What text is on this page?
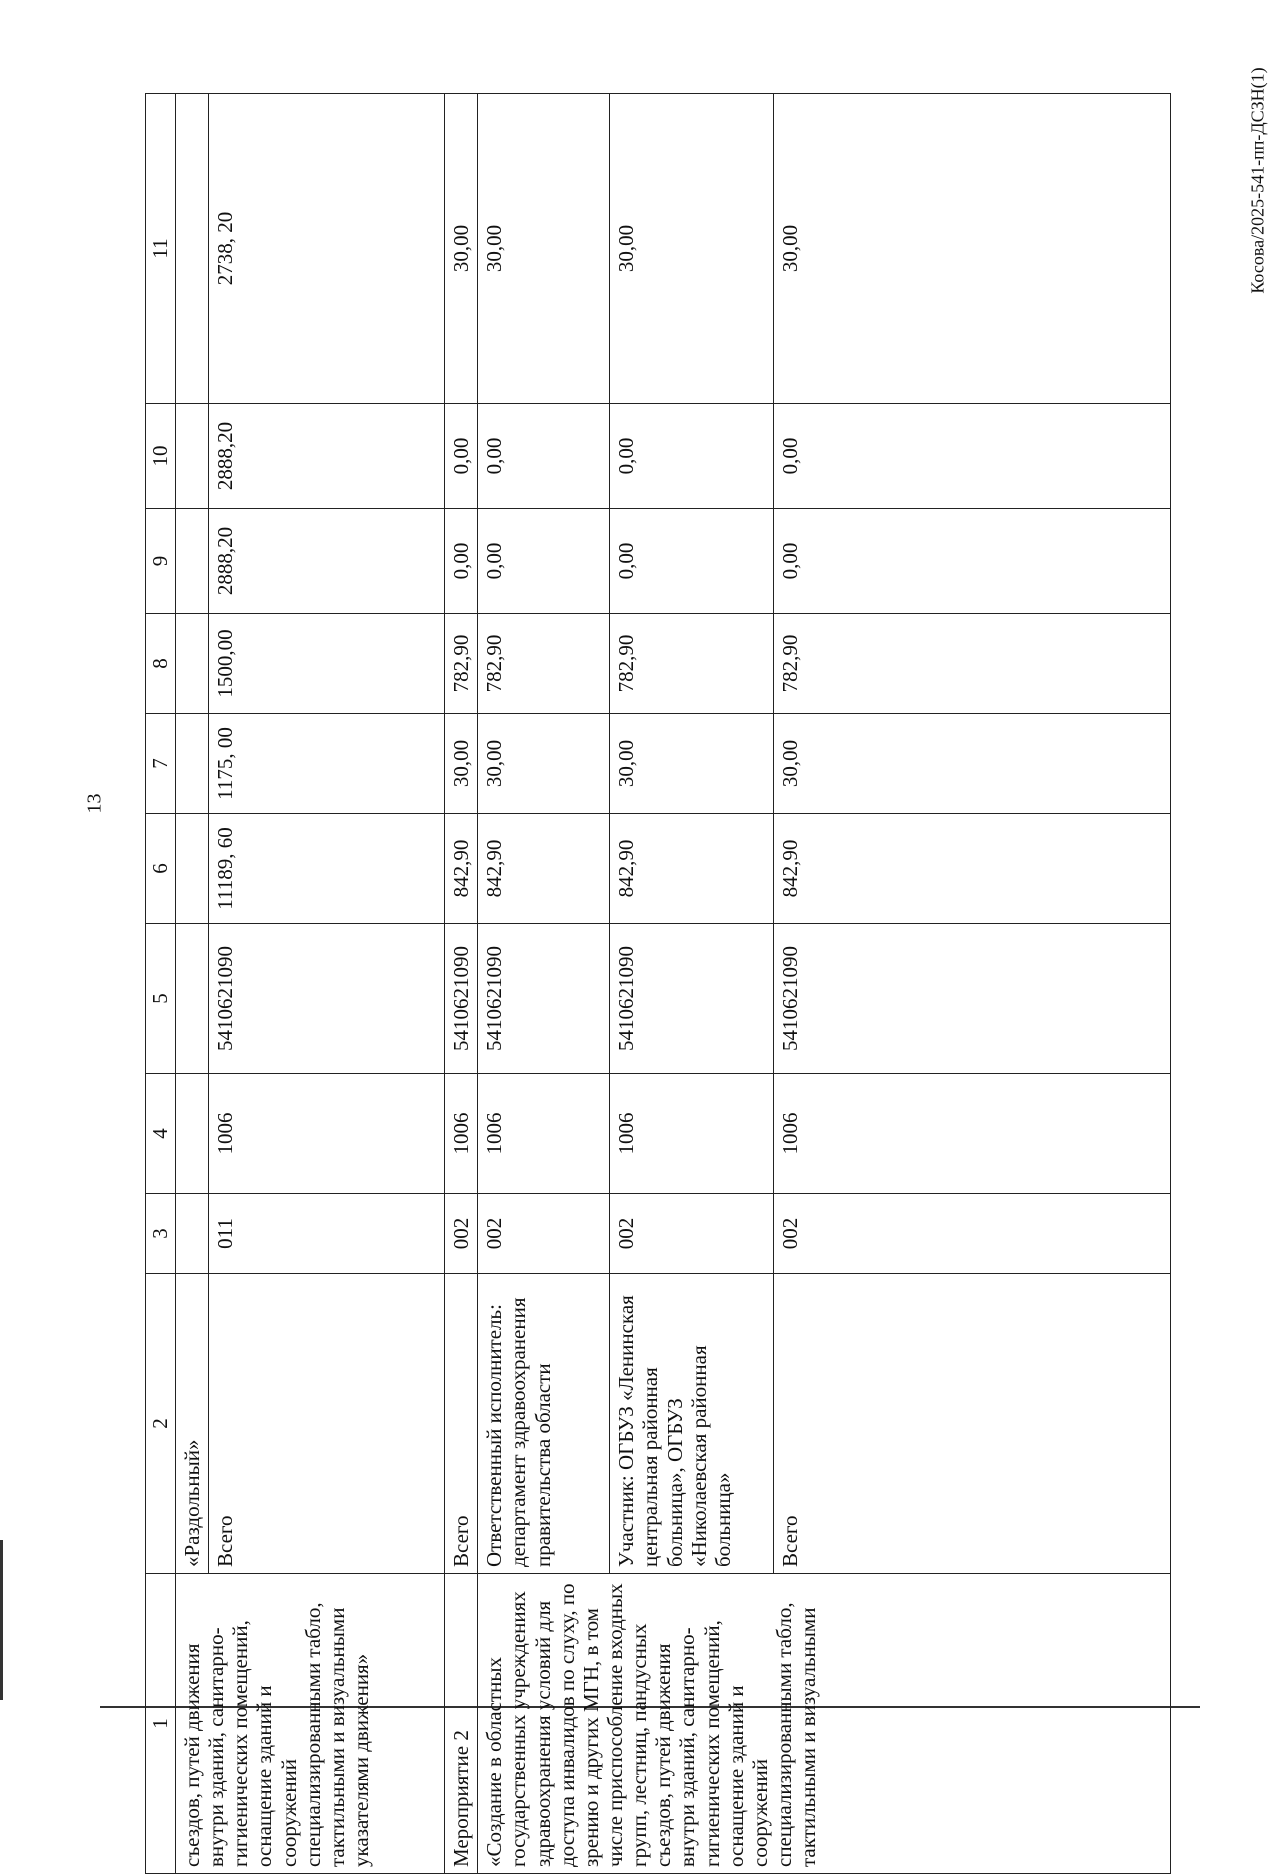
13
Косова/2025-541-пп-ДСЗН(1)
1	2	3	4	5	6	7	8	9	10	11
съездов, путей движения внутри зданий, санитарно-гигиенических помещений, оснащение зданий и сооружений специализированными табло, тактильными и визуальными указателями движения»	«Раздольный»									
	Всего	011	1006	5410621090	11189, 60	1175, 00	1500,00	2888,20	2888,20	2738, 20
Мероприятие 2	Всего	002	1006	5410621090	842,90	30,00	782,90	0,00	0,00	30,00
«Создание в областных государственных учреждениях здравоохранения условий для доступа инвалидов по слуху, по зрению и других МГН, в том числе приспособление входных групп, лестниц, пандусных съездов, путей движения внутри зданий, санитарно-гигиенических помещений, оснащение зданий и сооружений специализированными табло, тактильными и визуальными	Ответственный исполнитель: департамент здравоохранения правительства области	002	1006	5410621090	842,90	30,00	782,90	0,00	0,00	30,00
	Участник: ОГБУЗ «Ленинская центральная районная больница», ОГБУЗ «Николаевская районная больница»	002	1006	5410621090	842,90	30,00	782,90	0,00	0,00	30,00
	Всего	002	1006	5410621090	842,90	30,00	782,90	0,00	0,00	30,00
